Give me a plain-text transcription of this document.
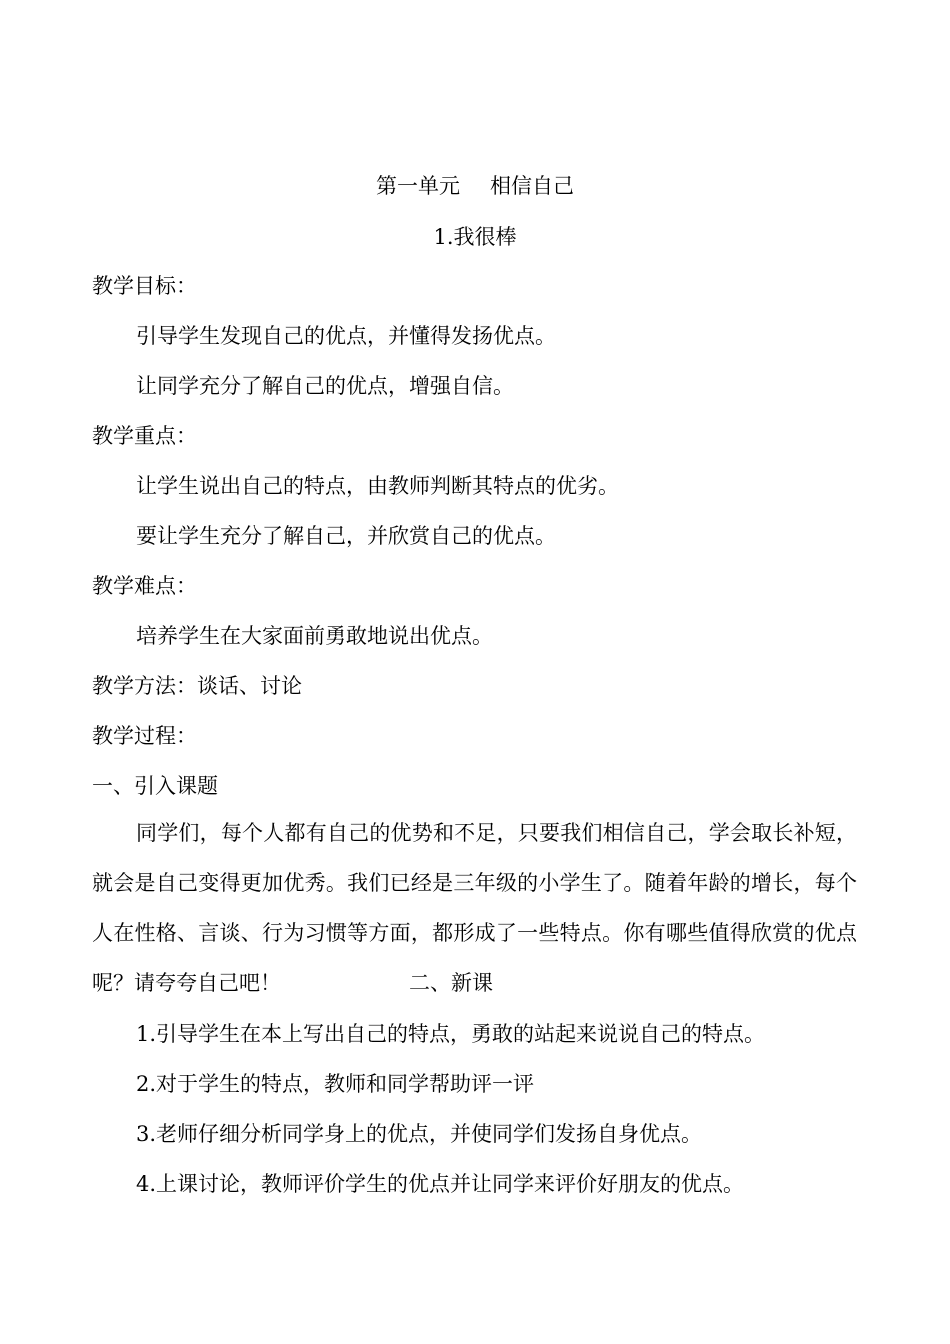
第一单元 相信自己
1.我很棒
教学目标：
引导学生发现自己的优点，并懂得发扬优点。
让同学充分了解自己的优点，增强自信。
教学重点：
让学生说出自己的特点，由教师判断其特点的优劣。
要让学生充分了解自己，并欣赏自己的优点。
教学难点：
培养学生在大家面前勇敢地说出优点。
教学方法：谈话、讨论
教学过程：
一、引入课题
同学们，每个人都有自己的优势和不足，只要我们相信自己，学会取长补短，就会是自己变得更加优秀。我们已经是三年级的小学生了。随着年龄的增长，每个人在性格、言谈、行为习惯等方面，都形成了一些特点。你有哪些值得欣赏的优点呢？请夸夸自己吧！	二、新课
1.引导学生在本上写出自己的特点，勇敢的站起来说说自己的特点。
2.对于学生的特点，教师和同学帮助评一评
3.老师仔细分析同学身上的优点，并使同学们发扬自身优点。
4.上课讨论，教师评价学生的优点并让同学来评价好朋友的优点。
